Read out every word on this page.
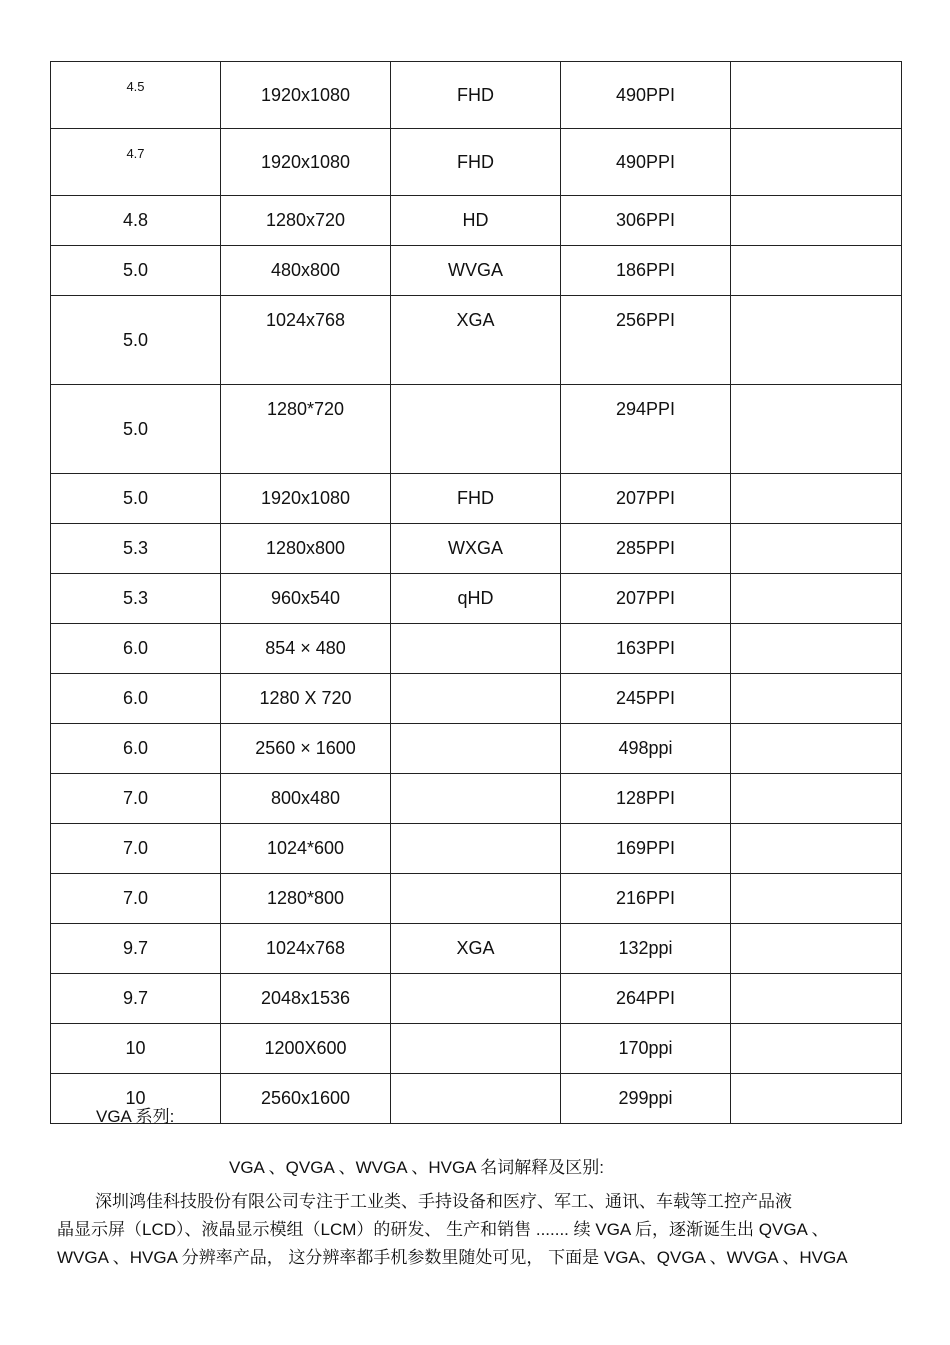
4.5	1920x1080	FHD	490PPI	
4.7	1920x1080	FHD	490PPI	
4.8	1280x720	HD	306PPI	
5.0	480x800	WVGA	186PPI	
5.0	1024x768	XGA	256PPI	
5.0	1280*720		294PPI	
5.0	1920x1080	FHD	207PPI	
5.3	1280x800	WXGA	285PPI	
5.3	960x540	qHD	207PPI	
6.0	854 × 480		163PPI	
6.0	1280 X 720		245PPI	
6.0	2560 × 1600		498ppi	
7.0	800x480		128PPI	
7.0	1024*600		169PPI	
7.0	1280*800		216PPI	
9.7	1024x768	XGA	132ppi	
9.7	2048x1536		264PPI	
10	1200X600		170ppi	
10	2560x1600		299ppi	
VGA 系列:
VGA 、QVGA 、WVGA 、HVGA 名词解释及区别:
深圳鸿佳科技股份有限公司专注于工业类、手持设备和医疗、军工、通讯、车载等工控产品液
晶显示屏（LCD）、液晶显示模组（LCM）的研发、 生产和销售 ....... 续 VGA 后，逐渐诞生出 QVGA 、
WVGA 、HVGA 分辨率产品， 这分辨率都手机参数里随处可见， 下面是 VGA、QVGA 、WVGA 、HVGA
